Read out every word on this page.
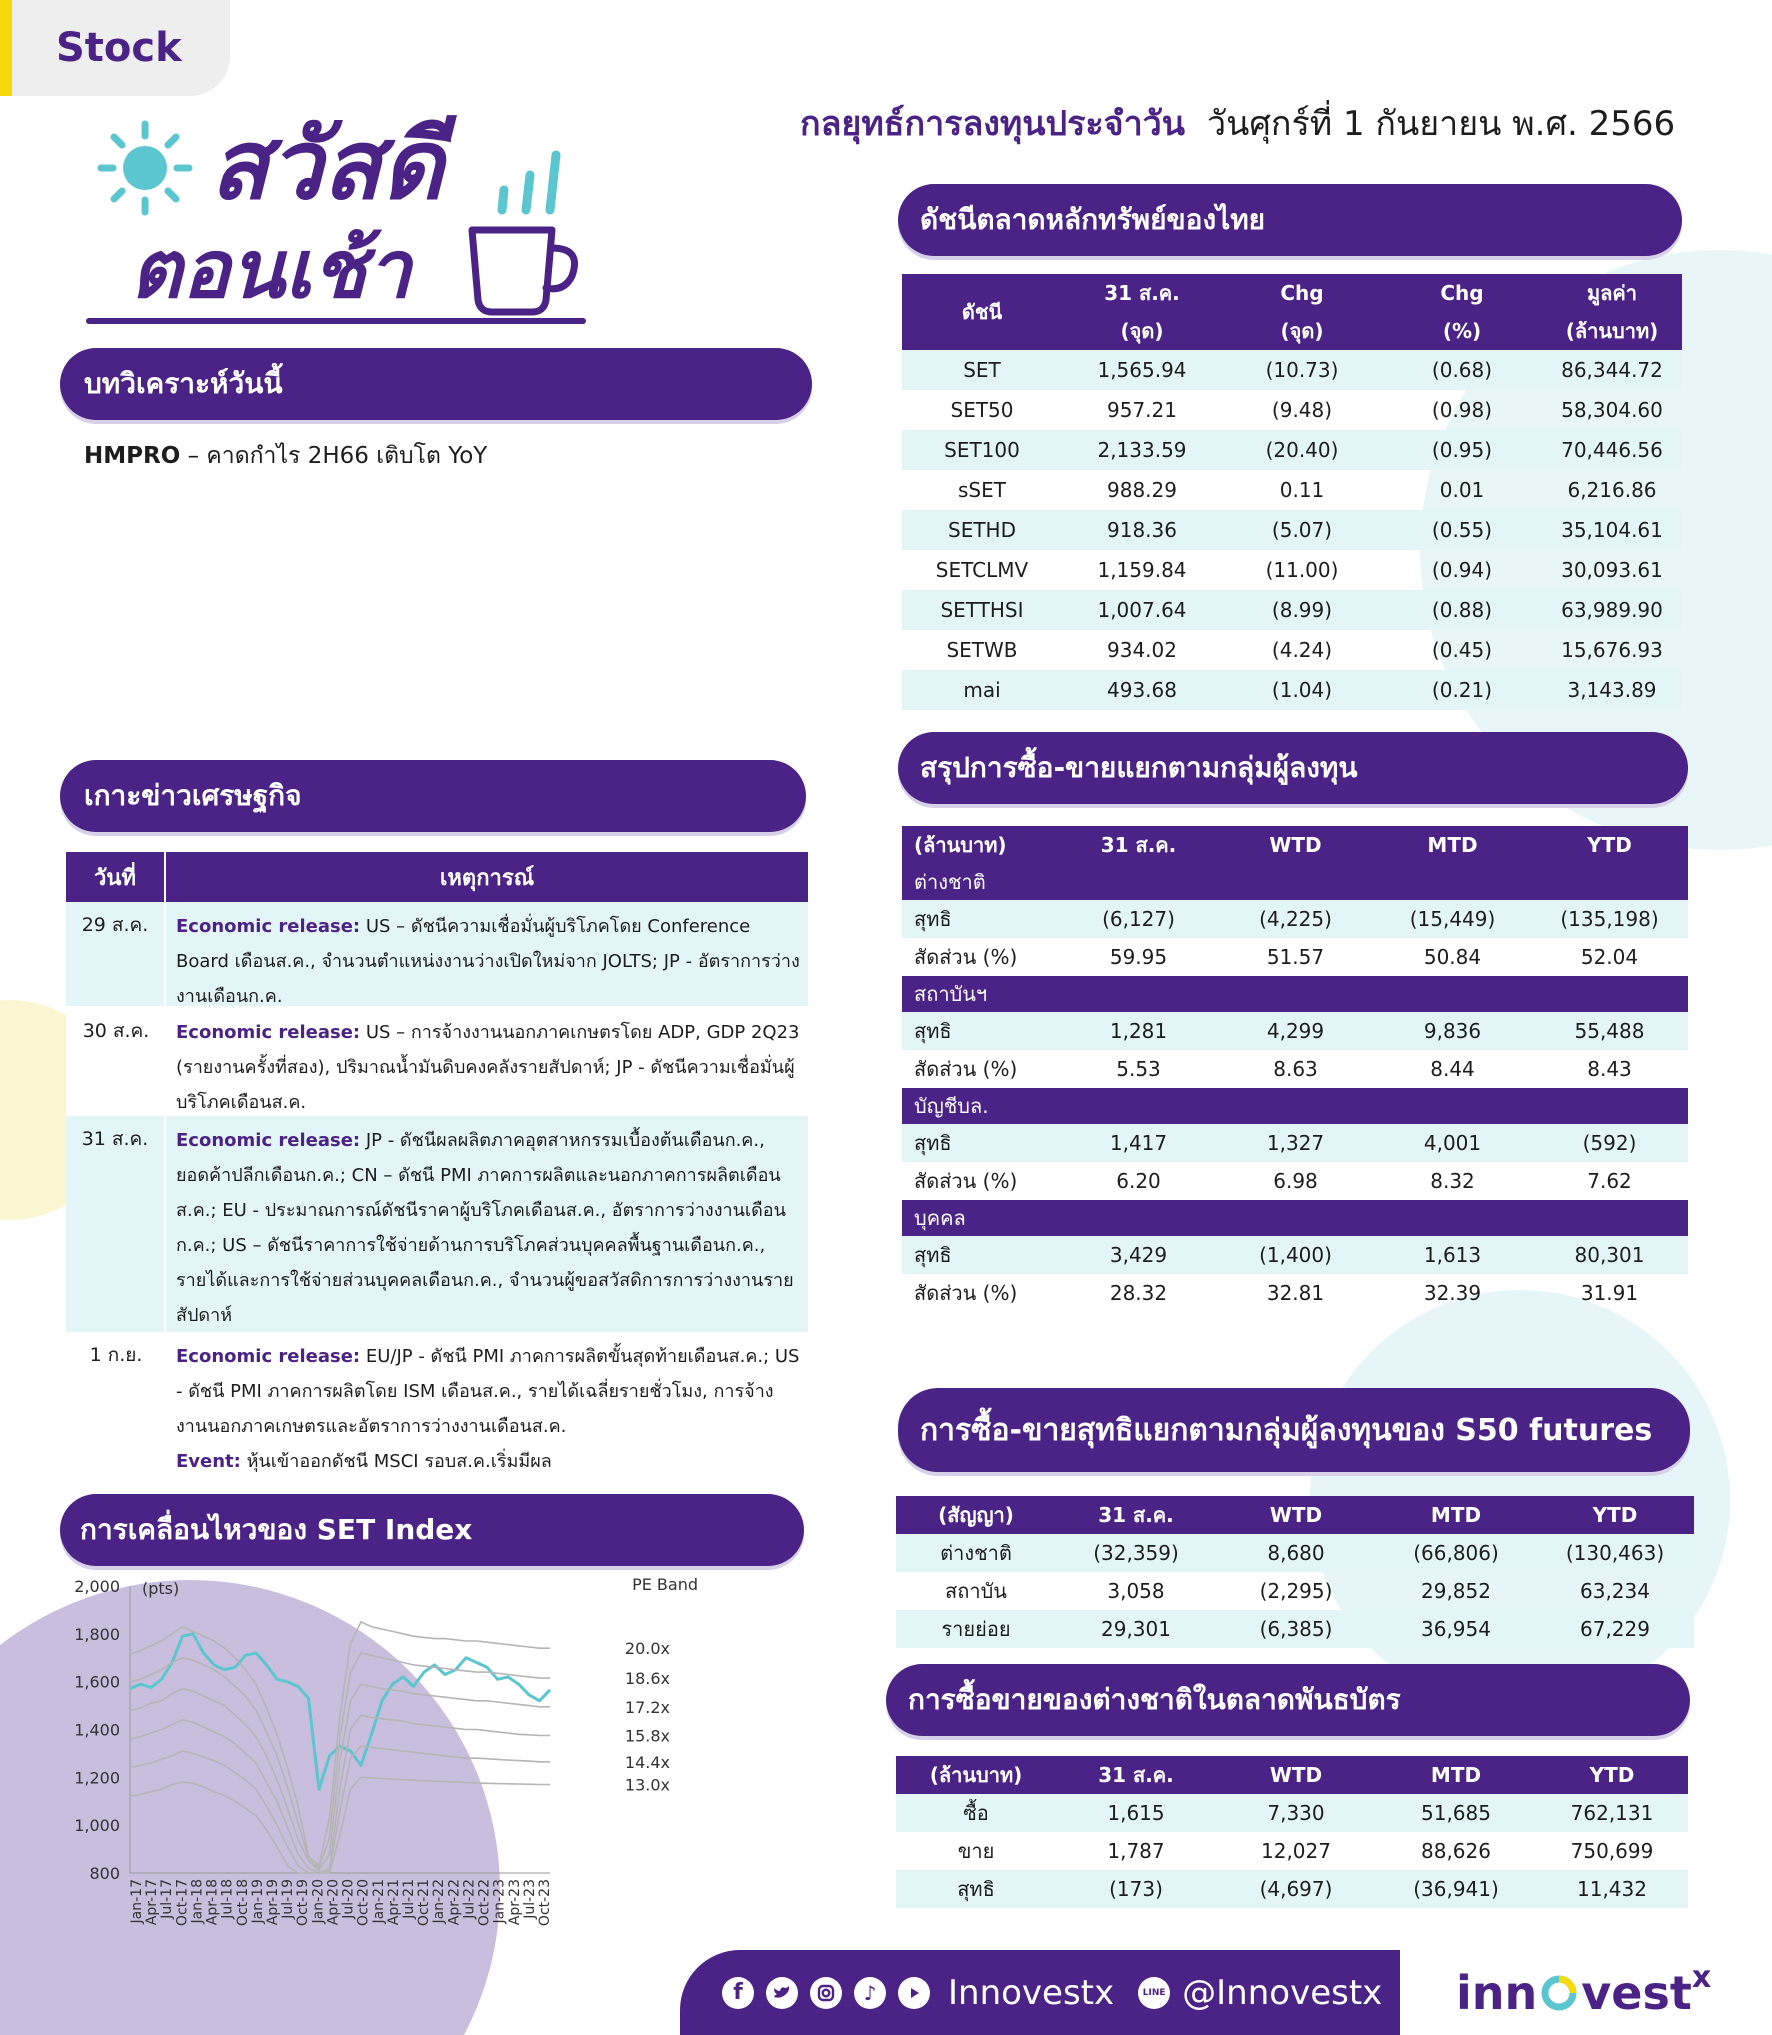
Stock
สวัสดี
ตอนเช้า
กลยุทธ์การลงทุนประจำวัน วันศุกร์ที่ 1 กันยายน พ.ศ. 2566
บทวิเคราะห์วันนี้
HMPRO – คาดกำไร 2H66 เติบโต YoY
เกาะข่าวเศรษฐกิจ
วันที่	เหตุการณ์
29 ส.ค.	Economic release: US – ดัชนีความเชื่อมั่นผู้บริโภคโดย Conference Board เดือนส.ค., จำนวนตำแหน่งงานว่างเปิดใหม่จาก JOLTS; JP - อัตราการว่างงานเดือนก.ค.
30 ส.ค.	Economic release: US – การจ้างงานนอกภาคเกษตรโดย ADP, GDP 2Q23 (รายงานครั้งที่สอง), ปริมาณน้ำมันดิบคงคลังรายสัปดาห์; JP - ดัชนีความเชื่อมั่นผู้บริโภคเดือนส.ค.
31 ส.ค.	Economic release: JP - ดัชนีผลผลิตภาคอุตสาหกรรมเบื้องต้นเดือนก.ค., ยอดค้าปลีกเดือนก.ค.; CN – ดัชนี PMI ภาคการผลิตและนอกภาคการผลิตเดือนส.ค.; EU - ประมาณการณ์ดัชนีราคาผู้บริโภคเดือนส.ค., อัตราการว่างงานเดือนก.ค.; US – ดัชนีราคาการใช้จ่ายด้านการบริโภคส่วนบุคคลพื้นฐานเดือนก.ค., รายได้และการใช้จ่ายส่วนบุคคลเดือนก.ค., จำนวนผู้ขอสวัสดิการการว่างงานรายสัปดาห์
1 ก.ย.	Economic release: EU/JP - ดัชนี PMI ภาคการผลิตขั้นสุดท้ายเดือนส.ค.; US - ดัชนี PMI ภาคการผลิตโดย ISM เดือนส.ค., รายได้เฉลี่ยรายชั่วโมง, การจ้างงานนอกภาคเกษตรและอัตราการว่างงานเดือนส.ค.
Event: หุ้นเข้าออกดัชนี MSCI รอบส.ค.เริ่มมีผล
การเคลื่อนไหวของ SET Index
2,000
1,800
1,600
1,400
1,200
1,000
800
(pts)	PE Band
Jan-17 Apr-17 Jul-17 Oct-17 Jan-18 Apr-18 Jul-18 Oct-18 Jan-19 Apr-19 Jul-19 Oct-19 Jan-20 Apr-20 Jul-20 Oct-20 Jan-21 Apr-21 Jul-21 Oct-21 Jan-22 Apr-22 Jul-22 Oct-22 Jan-23 Apr-23 Jul-23 Oct-23
20.0x
18.6x
17.2x
15.8x
14.4x
13.0x
ดัชนีตลาดหลักทรัพย์ของไทย
ดัชนี	31 ส.ค.	Chg	Chg	มูลค่า
	(จุด)	(จุด)	(%)	(ล้านบาท)
SET	1,565.94	(10.73)	(0.68)	86,344.72
SET50	957.21	(9.48)	(0.98)	58,304.60
SET100	2,133.59	(20.40)	(0.95)	70,446.56
sSET	988.29	0.11	0.01	6,216.86
SETHD	918.36	(5.07)	(0.55)	35,104.61
SETCLMV	1,159.84	(11.00)	(0.94)	30,093.61
SETTHSI	1,007.64	(8.99)	(0.88)	63,989.90
SETWB	934.02	(4.24)	(0.45)	15,676.93
mai	493.68	(1.04)	(0.21)	3,143.89
สรุปการซื้อ-ขายแยกตามกลุ่มผู้ลงทุน
(ล้านบาท)	31 ส.ค.	WTD	MTD	YTD
ต่างชาติ				
สุทธิ	(6,127)	(4,225)	(15,449)	(135,198)
สัดส่วน (%)	59.95	51.57	50.84	52.04
สถาบันฯ				
สุทธิ	1,281	4,299	9,836	55,488
สัดส่วน (%)	5.53	8.63	8.44	8.43
บัญชีบล.				
สุทธิ	1,417	1,327	4,001	(592)
สัดส่วน (%)	6.20	6.98	8.32	7.62
บุคคล				
สุทธิ	3,429	(1,400)	1,613	80,301
สัดส่วน (%)	28.32	32.81	32.39	31.91
การซื้อ-ขายสุทธิแยกตามกลุ่มผู้ลงทุนของ S50 futures
(สัญญา)	31 ส.ค.	WTD	MTD	YTD
ต่างชาติ	(32,359)	8,680	(66,806)	(130,463)
สถาบัน	3,058	(2,295)	29,852	63,234
รายย่อย	29,301	(6,385)	36,954	67,229
การซื้อขายของต่างชาติในตลาดพันธบัตร
(ล้านบาท)	31 ส.ค.	WTD	MTD	YTD
ซื้อ	1,615	7,330	51,685	762,131
ขาย	1,787	12,027	88,626	750,699
สุทธิ	(173)	(4,697)	(36,941)	11,432
f	♪ Innovestx	LINE @Innovestx inn vest x
